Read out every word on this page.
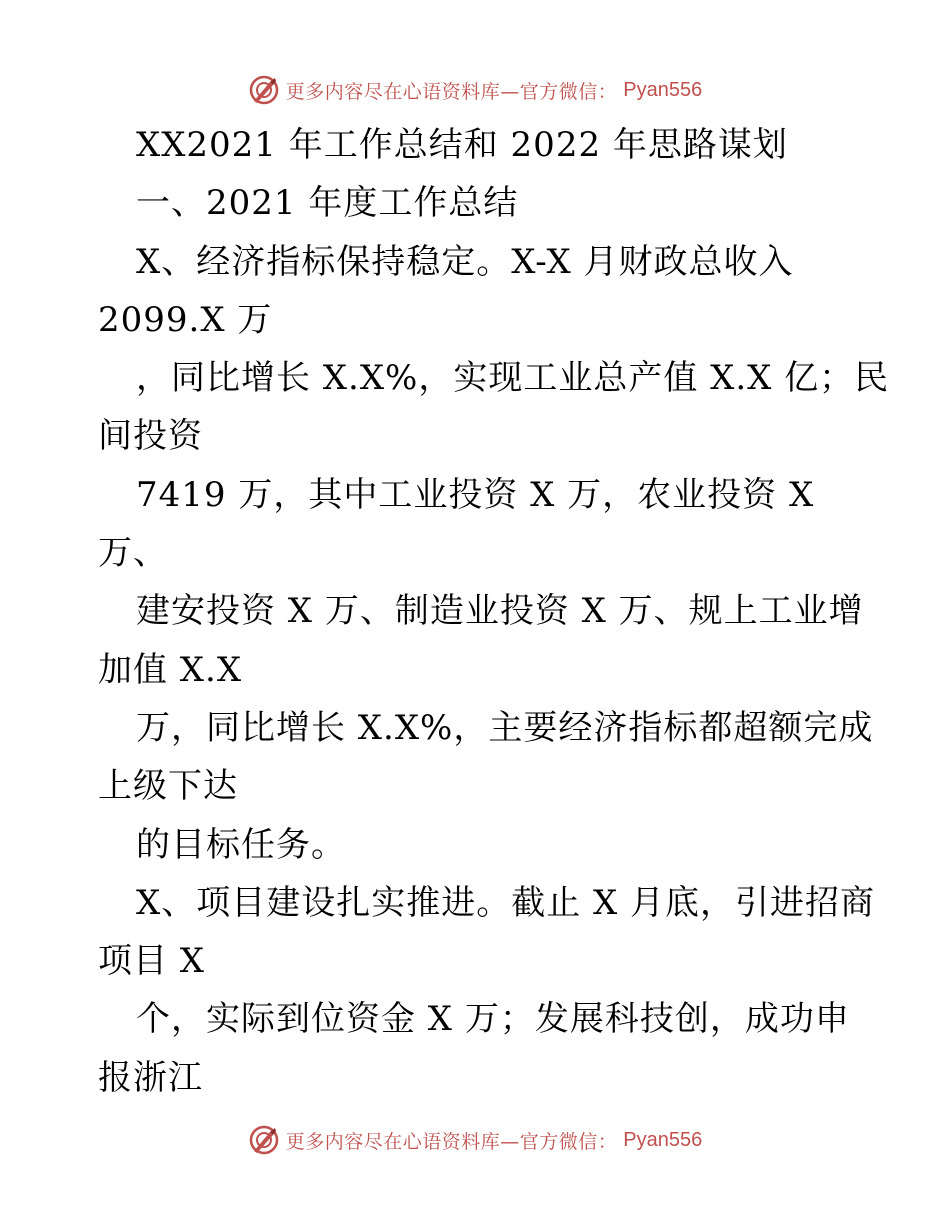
更多内容尽在心语资料库—官方微信： Pyan556
XX2021 年工作总结和 2022 年思路谋划
一、2021 年度工作总结
X、经济指标保持稳定。X-X 月财政总收入
2099.X 万
，同比增长 X.X%，实现工业总产值 X.X 亿；民
间投资
7419 万，其中工业投资 X 万，农业投资 X
万、
建安投资 X 万、制造业投资 X 万、规上工业增
加值 X.X
万，同比增长 X.X%，主要经济指标都超额完成
上级下达
的目标任务。
X、项目建设扎实推进。截止 X 月底，引进招商
项目 X
个，实际到位资金 X 万；发展科技创，成功申
报浙江
更多内容尽在心语资料库—官方微信： Pyan556
